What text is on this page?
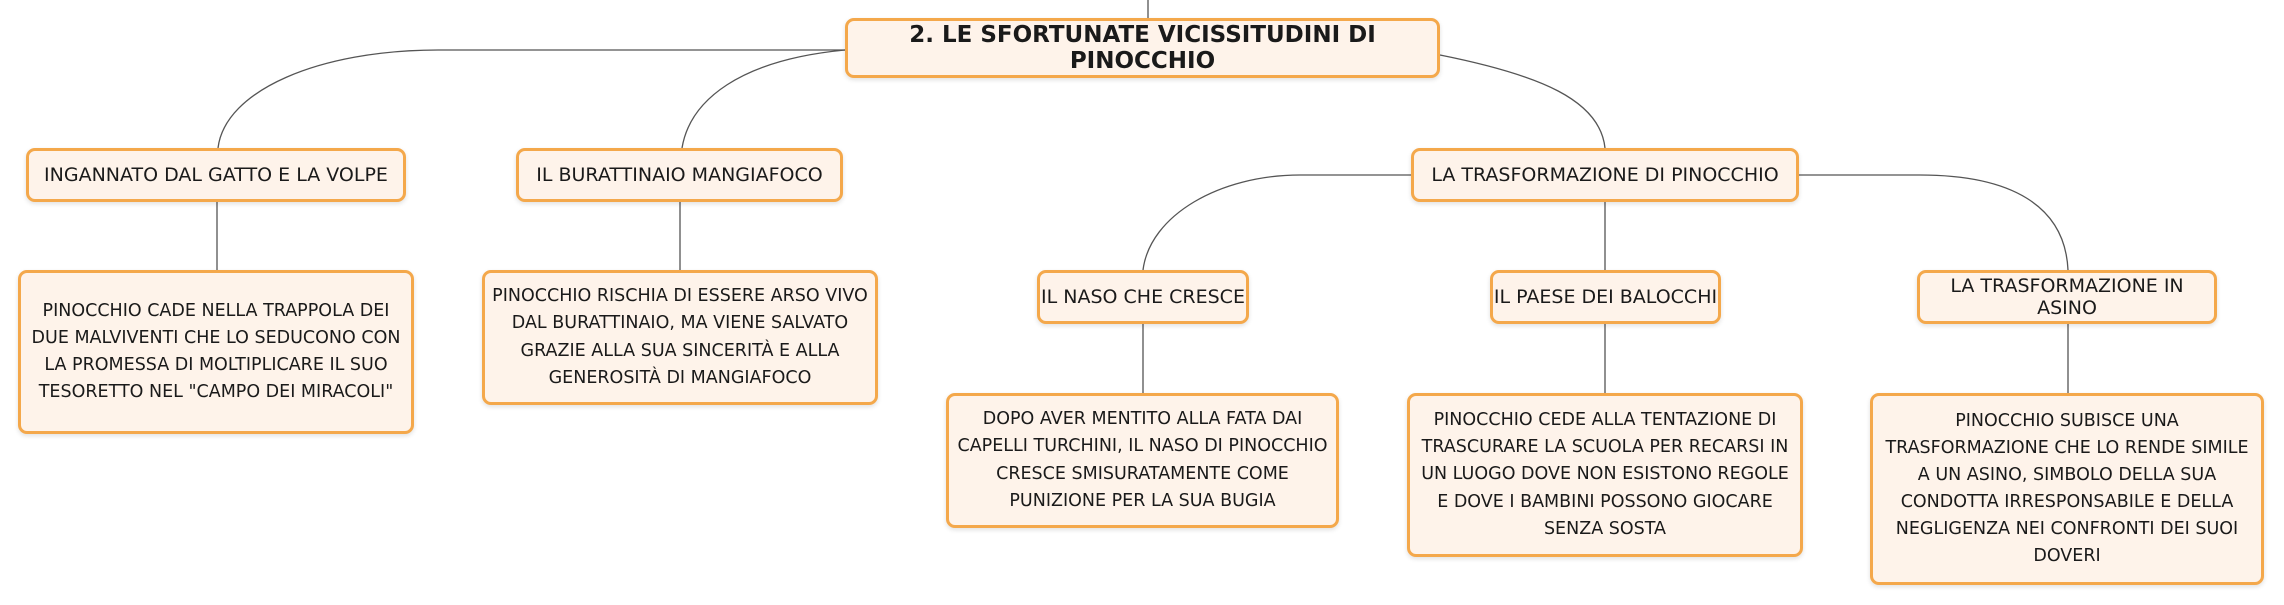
2. LE SFORTUNATE VICISSITUDINI DI PINOCCHIO
INGANNATO DAL GATTO E LA VOLPE
PINOCCHIO CADE NELLA TRAPPOLA DEI DUE MALVIVENTI CHE LO SEDUCONO CON LA PROMESSA DI MOLTIPLICARE IL SUO TESORETTO NEL "CAMPO DEI MIRACOLI"
IL BURATTINAIO MANGIAFOCO
PINOCCHIO RISCHIA DI ESSERE ARSO VIVO DAL BURATTINAIO, MA VIENE SALVATO GRAZIE ALLA SUA SINCERITÀ E ALLA GENEROSITÀ DI MANGIAFOCO
LA TRASFORMAZIONE DI PINOCCHIO
IL NASO CHE CRESCE
DOPO AVER MENTITO ALLA FATA DAI CAPELLI TURCHINI, IL NASO DI PINOCCHIO CRESCE SMISURATAMENTE COME PUNIZIONE PER LA SUA BUGIA
IL PAESE DEI BALOCCHI
PINOCCHIO CEDE ALLA TENTAZIONE DI TRASCURARE LA SCUOLA PER RECARSI IN UN LUOGO DOVE NON ESISTONO REGOLE E DOVE I BAMBINI POSSONO GIOCARE SENZA SOSTA
LA TRASFORMAZIONE IN ASINO
PINOCCHIO SUBISCE UNA TRASFORMAZIONE CHE LO RENDE SIMILE A UN ASINO, SIMBOLO DELLA SUA CONDOTTA IRRESPONSABILE E DELLA NEGLIGENZA NEI CONFRONTI DEI SUOI DOVERI
